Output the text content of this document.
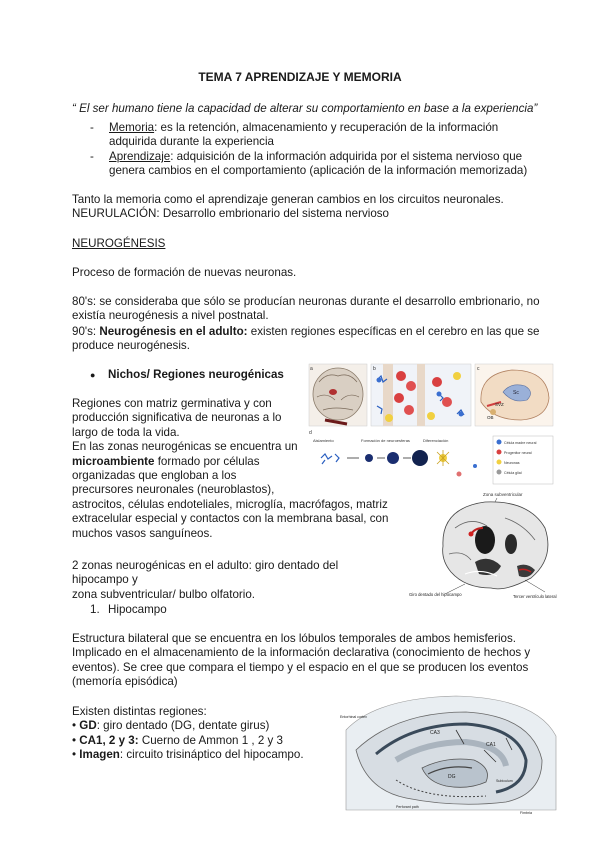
TEMA 7 APRENDIZAJE Y MEMORIA
“ El ser humano tiene la capacidad de alterar su comportamiento en base a la experiencia”
- Memoria: es la retención, almacenamiento y recuperación de la información
adquirida durante la experiencia
- Aprendizaje: adquisición de la información adquirida por el sistema nervioso que
genera cambios en el comportamiento (aplicación de la información memorizada)
Tanto la memoria como el aprendizaje generan cambios en los circuitos neuronales.
NEURULACIÓN: Desarrollo embrionario del sistema nervioso
NEUROGÉNESIS
Proceso de formación de nuevas neuronas.
80's: se consideraba que sólo se producían neuronas durante el desarrollo embrionario, no
existía neurogénesis a nivel postnatal.
90's: Neurogénesis en el adulto: existen regiones específicas en el cerebro en las que se
produce neurogénesis.
● Nichos/ Regiones neurogénicas
Regiones con matriz germinativa y con
producción significativa de neuronas a lo
largo de toda la vida.
En las zonas neurogénicas se encuentra un
microambiente formado por células
organizadas que engloban a los
precursores neuronales (neuroblastos),
astrocitos, células endoteliales, microglía, macrófagos, matriz
extracelular especial y contactos con la membrana basal, con
muchos vasos sanguíneos.
2 zonas neurogénicas en el adulto: giro dentado del hipocampo y
zona subventricular/ bulbo olfatorio.
1. Hipocampo
Estructura bilateral que se encuentra en los lóbulos temporales de ambos hemisferios.
Implicado en el almacenamiento de la información declarativa (conocimiento de hechos y
eventos). Se cree que compara el tiempo y el espacio en el que se producen los eventos
(memoría episódica)
Existen distintas regiones:
• GD: giro dentado (DG, dentate girus)
• CA1, 2 y 3: Cuerno de Ammon 1 , 2 y 3
• Imagen: circuito trisináptico del hipocampo.
a	b	c
Sc
SVZ
OB
d
Aislamiento	Formación de neuroesferas	Diferenciación	Célula madre neural
Progenitor neural
Neuronas
Célula glial
Zona subventricular
Giro dentado del hipocampo	Tercer ventrículo lateral
CA3
CA1
DG
Subiculum
Fimbria
Entorhinal cortex
Perforant path
